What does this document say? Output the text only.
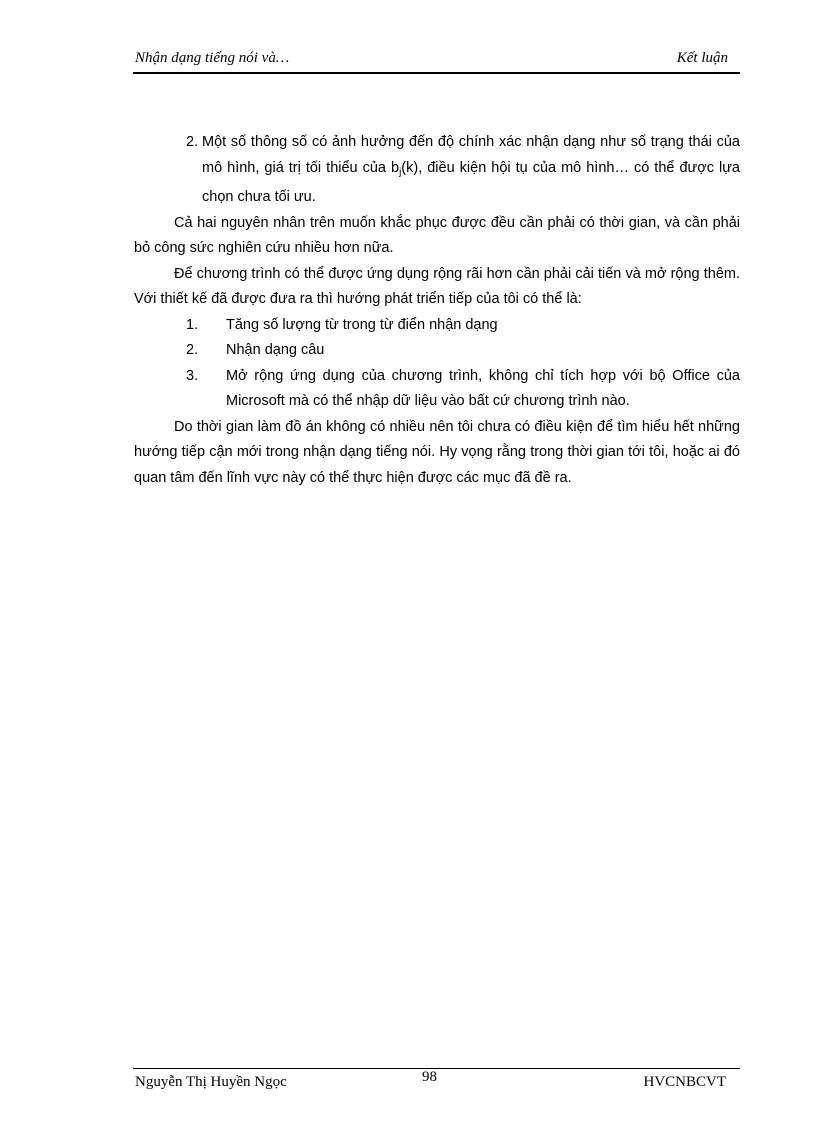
Nhận dạng tiếng nói và…	Kết luận
2. Một số thông số có ảnh hưởng đến độ chính xác nhận dạng như số trạng thái của mô hình, giá trị tối thiểu của $b_j(k)$, điều kiện hội tụ của mô hình… có thể được lựa chọn chưa tối ưu.

Cả hai nguyên nhân trên muốn khắc phục được đều cần phải có thời gian, và cần phải bỏ công sức nghiên cứu nhiều hơn nữa.

Để chương trình có thể được ứng dụng rộng rãi hơn cần phải cải tiến và mở rộng thêm. Với thiết kế đã được đưa ra thì hướng phát triển tiếp của tôi có thể là:

1. Tăng số lượng từ trong từ điển nhận dạng
2. Nhận dạng câu
3. Mở rộng ứng dụng của chương trình, không chỉ tích hợp với bộ Office của Microsoft mà có thể nhập dữ liệu vào bất cứ chương trình nào.

Do thời gian làm đồ án không có nhiều nên tôi chưa có điều kiện để tìm hiểu hết những hướng tiếp cận mới trong nhận dạng tiếng nói. Hy vọng rằng trong thời gian tới tôi, hoặc ai đó quan tâm đến lĩnh vực này có thể thực hiện được các mục đã đề ra.

Nguyễn Thị Huyền Ngọc	98	HVCNBCVT
